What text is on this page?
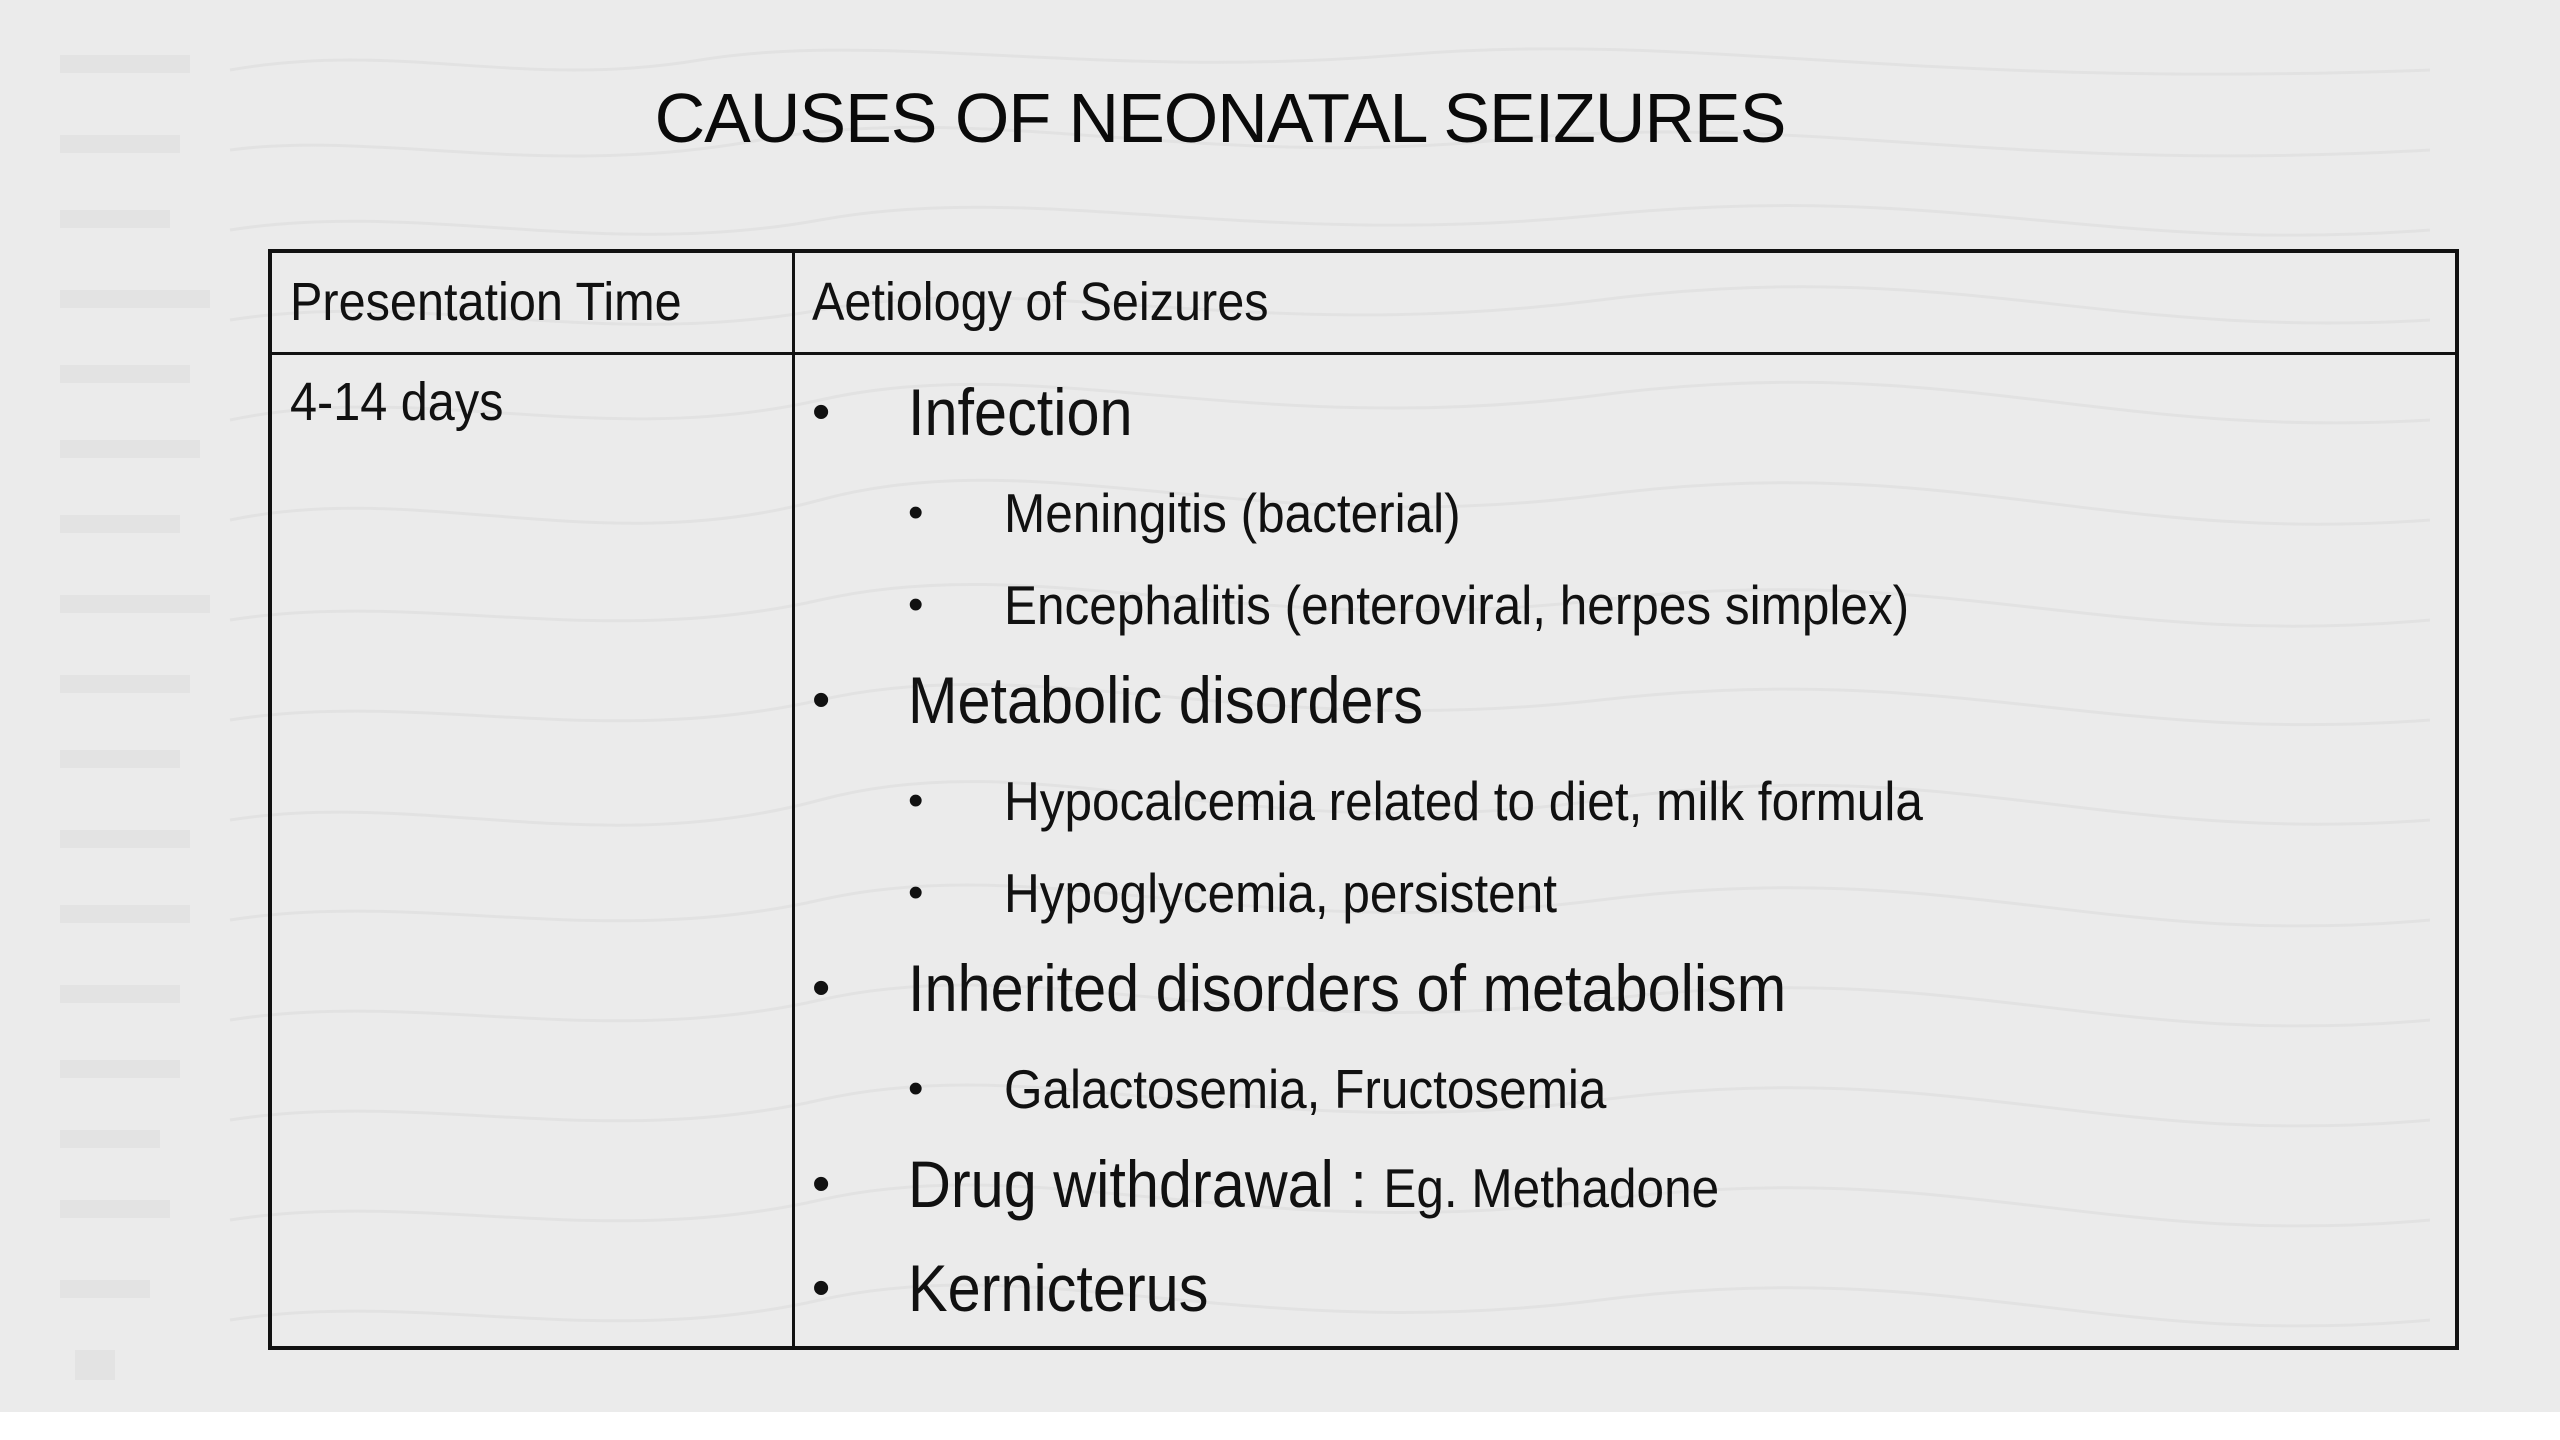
CAUSES OF NEONATAL SEIZURES
Presentation Time Aetiology of Seizures
4-14 days	• Infection
• Meningitis (bacterial)
• Encephalitis (enteroviral, herpes simplex)
• Metabolic disorders
• Hypocalcemia related to diet, milk formula
• Hypoglycemia, persistent
• Inherited disorders of metabolism
• Galactosemia, Fructosemia
• Drug withdrawal : Eg. Methadone
• Kernicterus
